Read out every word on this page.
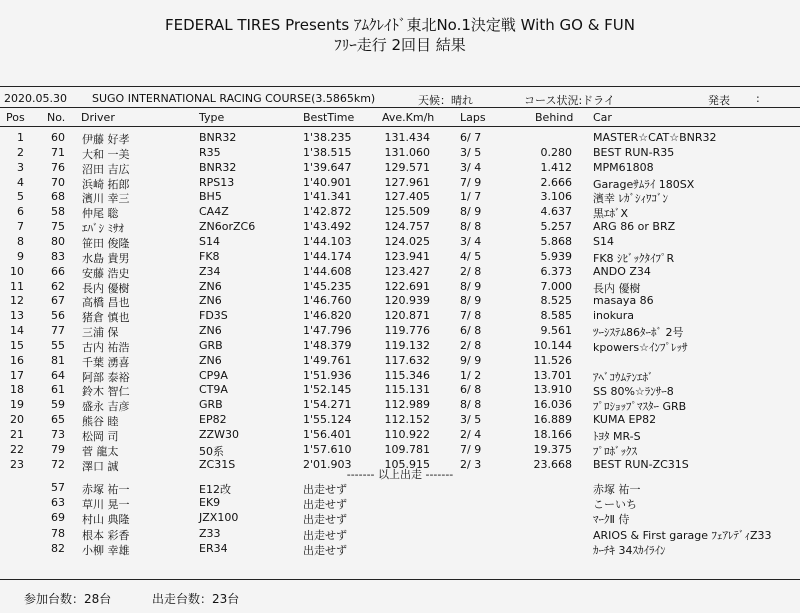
FEDERAL TIRES Presents ｱﾑｸﾚｲﾄﾞ東北No.1決定戦 With GO & FUN
ﾌﾘｰ走行 2回目 結果
2020.05.30 SUGO INTERNATIONAL RACING COURSE(3.5865km)	天候：晴れ	コース状況:ドライ	発表 :
Pos No. Driver	Type	BestTime	Ave.Km/h Laps	Behind Car
1	60 伊藤 好孝	BNR32	1'38.235	131.434	6/ 7	MASTER☆CAT☆BNR32
2	71 大和 一美	R35	1'38.515	131.060	3/ 5	0.280 BEST RUN-R35
3	76 沼田 吉広	BNR32	1'39.647	129.571	3/ 4	1.412 MPM61808
4	70 浜崎 拓郎	RPS13	1'40.901	127.961	7/ 9	2.666 Garageｻﾑﾗｲ 180SX
5	68 濱川 幸三	BH5	1'41.341	127.405	1/ 7	3.106 濱幸 ﾚｶﾞｼｨﾜｺﾞﾝ
6	58 仲尾 聡	CA4Z	1'42.872	125.509	8/ 9	4.637 黒ｴﾎﾞX
7	75 ｴﾊﾞｼ ﾐｻｵ	ZN6orZC6	1'43.492	124.757	8/ 8	5.257 ARG 86 or BRZ
8	80 笹田 俊隆	S14	1'44.103	124.025	3/ 4	5.868 S14
9	83 水島 貴男	FK8	1'44.174	123.941	4/ 5	5.939 FK8 ｼﾋﾞｯｸﾀｲﾌﾟR
10	66 安藤 浩史	Z34	1'44.608	123.427	2/ 8	6.373 ANDO Z34
11	62 長内 優樹	ZN6	1'45.235	122.691	8/ 9	7.000 長内 優樹
12	67 高橋 昌也	ZN6	1'46.760	120.939	8/ 9	8.525 masaya 86
13	56 猪倉 慎也	FD3S	1'46.820	120.871	7/ 8	8.585 inokura
14	77 三浦 保	ZN6	1'47.796	119.776	6/ 8	9.561 ﾂｰｼｽﾃﾑ86ﾀｰﾎﾞ 2号
15	55 古内 祐浩	GRB	1'48.379	119.132	2/ 8	10.144 kpowers☆ｲﾝﾌﾟﾚｯｻ
16	81 千葉 湧喜	ZN6	1'49.761	117.632	9/ 9	11.526
17	64 阿部 泰裕	CP9A	1'51.936	115.346	1/ 2	13.701 ｱﾍﾞｺｳﾑﾃﾝｴﾎﾞ
18	61 鈴木 智仁	CT9A	1'52.145	115.131	6/ 8	13.910 SS 80%☆ﾗﾝｻｰ8
19	59 盛永 吉彦	GRB	1'54.271	112.989	8/ 8	16.036 ﾌﾟﾛｼｮｯﾌﾟﾏｽﾀｰ GRB
20	65 熊谷 睦	EP82	1'55.124	112.152	3/ 5	16.889 KUMA EP82
21	73 松岡 司	ZZW30	1'56.401	110.922	2/ 4	18.166 ﾄﾖﾀ MR-S
22	79 菅 龍太	50系	1'57.610	109.781	7/ 9	19.375 ﾌﾟﾛﾎﾞｯｸｽ
23	72 澤口 誠	ZC31S	2'01.903	105.915	2/ 3	23.668 BEST RUN-ZC31S
------- 以上出走 -------
57 赤塚 祐一	E12改	出走せず	赤塚 祐一
63 草川 晃一	EK9	出走せず	こーいち
69 村山 典隆	JZX100	出走せず	ﾏｰｸⅡ 侍
78 根本 彩香	Z33	出走せず	ARIOS & First garage ﾌｪｱﾚﾃﾞｨZ33
82 小柳 幸雄	ER34	出走せず	ｶｰﾁｷ 34ｽｶｲﾗｲﾝ
参加台数：28台	出走台数：23台
